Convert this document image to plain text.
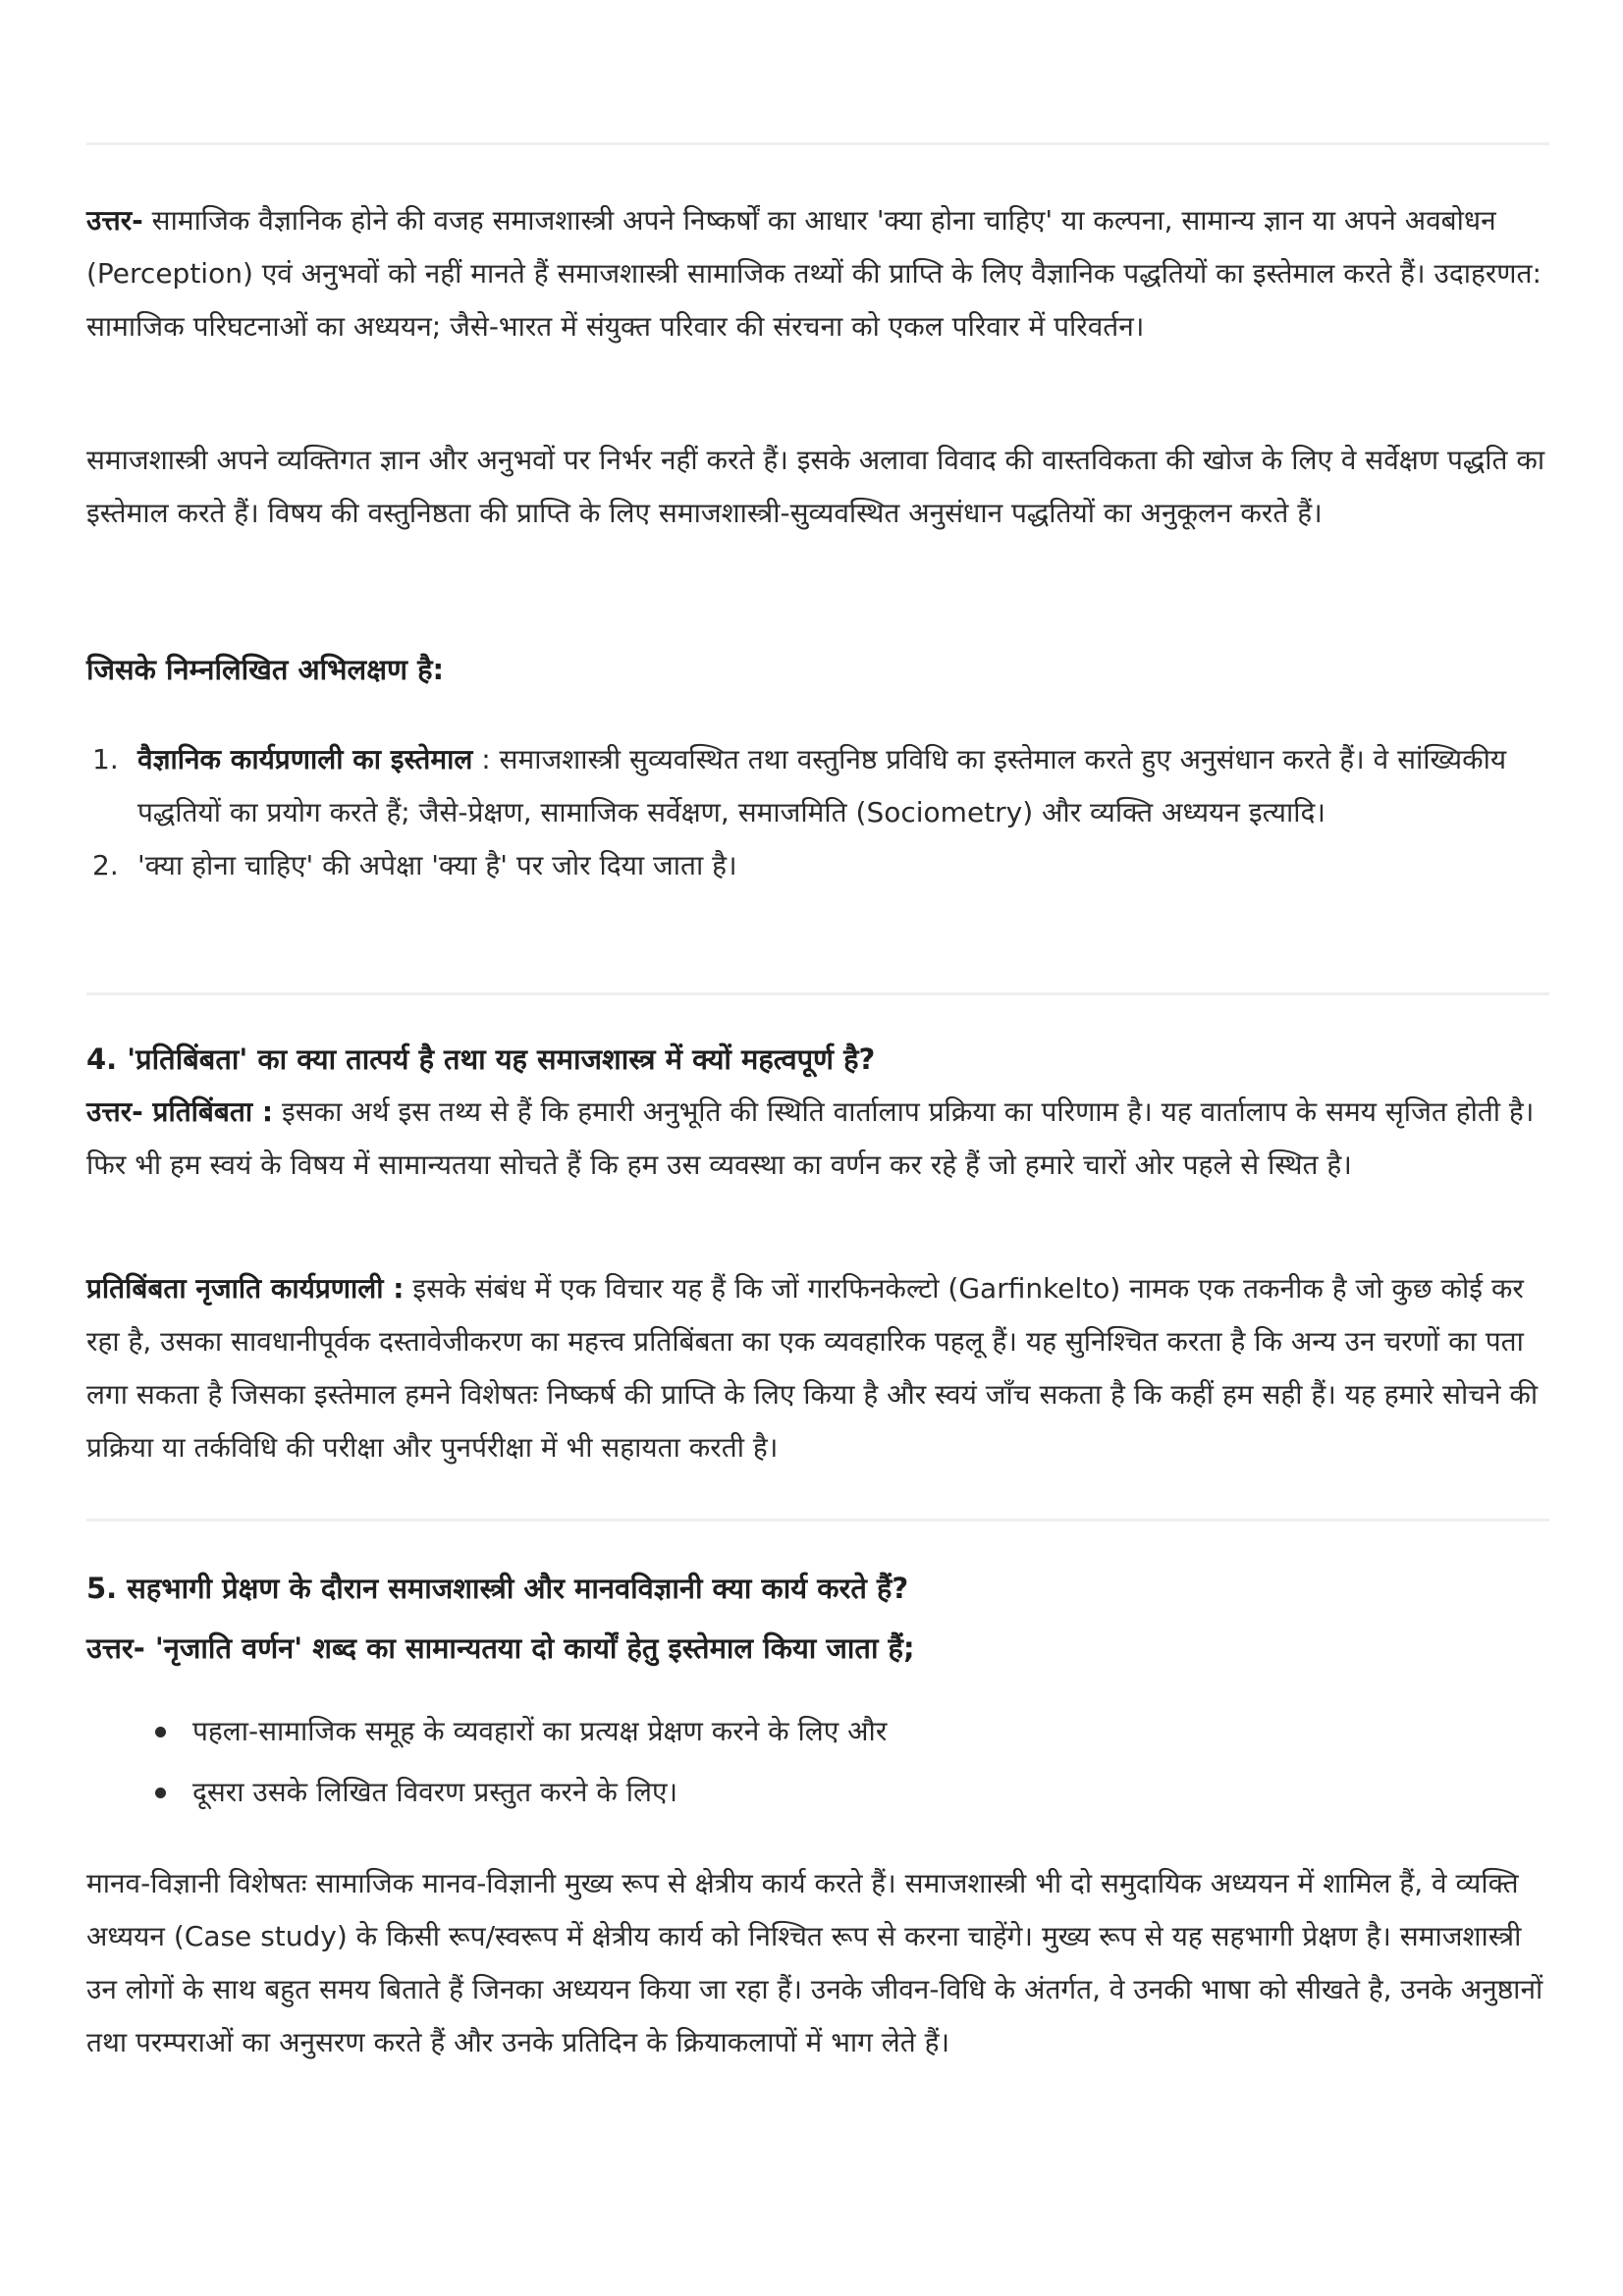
उत्तर- सामाजिक वैज्ञानिक होने की वजह समाजशास्त्री अपने निष्कर्षों का आधार 'क्या होना चाहिए' या कल्पना, सामान्य ज्ञान या अपने अवबोधन (Perception) एवं अनुभवों को नहीं मानते हैं समाजशास्त्री सामाजिक तथ्यों की प्राप्ति के लिए वैज्ञानिक पद्धतियों का इस्तेमाल करते हैं। उदाहरणत: सामाजिक परिघटनाओं का अध्ययन; जैसे-भारत में संयुक्त परिवार की संरचना को एकल परिवार में परिवर्तन।

समाजशास्त्री अपने व्यक्तिगत ज्ञान और अनुभवों पर निर्भर नहीं करते हैं। इसके अलावा विवाद की वास्तविकता की खोज के लिए वे सर्वेक्षण पद्धति का इस्तेमाल करते हैं। विषय की वस्तुनिष्ठता की प्राप्ति के लिए समाजशास्त्री-सुव्यवस्थित अनुसंधान पद्धतियों का अनुकूलन करते हैं।

जिसके निम्नलिखित अभिलक्षण है:

1. वैज्ञानिक कार्यप्रणाली का इस्तेमाल : समाजशास्त्री सुव्यवस्थित तथा वस्तुनिष्ठ प्रविधि का इस्तेमाल करते हुए अनुसंधान करते हैं। वे सांख्यिकीय पद्धतियों का प्रयोग करते हैं; जैसे-प्रेक्षण, सामाजिक सर्वेक्षण, समाजमिति (Sociometry) और व्यक्ति अध्ययन इत्यादि।
2. 'क्या होना चाहिए' की अपेक्षा 'क्या है' पर जोर दिया जाता है।

4. 'प्रतिबिंबता' का क्या तात्पर्य है तथा यह समाजशास्त्र में क्यों महत्वपूर्ण है?

उत्तर- प्रतिबिंबता : इसका अर्थ इस तथ्य से हैं कि हमारी अनुभूति की स्थिति वार्तालाप प्रक्रिया का परिणाम है। यह वार्तालाप के समय सृजित होती है। फिर भी हम स्वयं के विषय में सामान्यतया सोचते हैं कि हम उस व्यवस्था का वर्णन कर रहे हैं जो हमारे चारों ओर पहले से स्थित है।

प्रतिबिंबता नृजाति कार्यप्रणाली : इसके संबंध में एक विचार यह हैं कि जों गारफिनकेल्टो (Garfinkelto) नामक एक तकनीक है जो कुछ कोई कर रहा है, उसका सावधानीपूर्वक दस्तावेजीकरण का महत्त्व प्रतिबिंबता का एक व्यवहारिक पहलू हैं। यह सुनिश्चित करता है कि अन्य उन चरणों का पता लगा सकता है जिसका इस्तेमाल हमने विशेषतः निष्कर्ष की प्राप्ति के लिए किया है और स्वयं जाँच सकता है कि कहीं हम सही हैं। यह हमारे सोचने की प्रक्रिया या तर्कविधि की परीक्षा और पुनर्परीक्षा में भी सहायता करती है।

5. सहभागी प्रेक्षण के दौरान समाजशास्त्री और मानवविज्ञानी क्या कार्य करते हैं?

उत्तर- 'नृजाति वर्णन' शब्द का सामान्यतया दो कार्यों हेतु इस्तेमाल किया जाता हैं;

पहला-सामाजिक समूह के व्यवहारों का प्रत्यक्ष प्रेक्षण करने के लिए और
दूसरा उसके लिखित विवरण प्रस्तुत करने के लिए।

मानव-विज्ञानी विशेषतः सामाजिक मानव-विज्ञानी मुख्य रूप से क्षेत्रीय कार्य करते हैं। समाजशास्त्री भी दो समुदायिक अध्ययन में शामिल हैं, वे व्यक्ति अध्ययन (Case study) के किसी रूप/स्वरूप में क्षेत्रीय कार्य को निश्चित रूप से करना चाहेंगे। मुख्य रूप से यह सहभागी प्रेक्षण है। समाजशास्त्री उन लोगों के साथ बहुत समय बिताते हैं जिनका अध्ययन किया जा रहा हैं। उनके जीवन-विधि के अंतर्गत, वे उनकी भाषा को सीखते है, उनके अनुष्ठानों तथा परम्पराओं का अनुसरण करते हैं और उनके प्रतिदिन के क्रियाकलापों में भाग लेते हैं।
